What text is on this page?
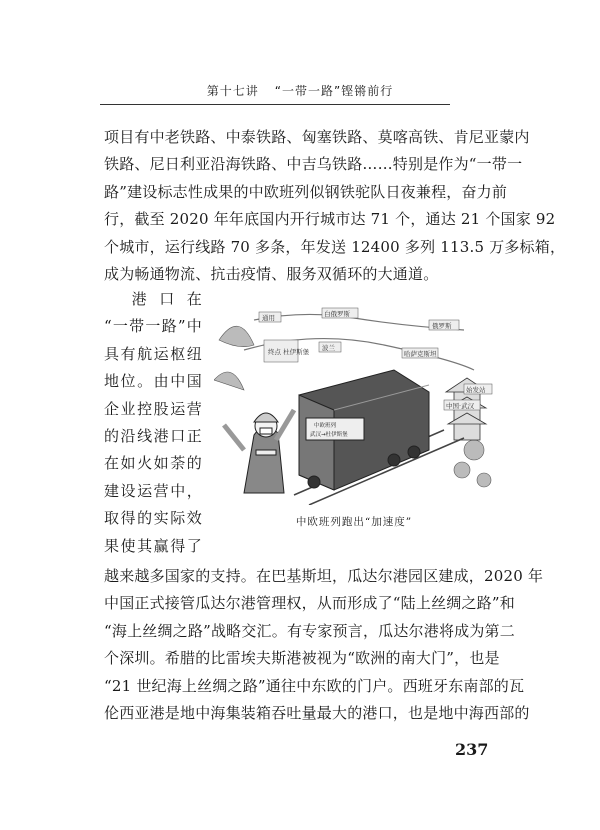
第十七讲 “一带一路”铿锵前行
项目有中老铁路、中泰铁路、匈塞铁路、莫喀高铁、肯尼亚蒙内
铁路、尼日利亚沿海铁路、中吉乌铁路……特别是作为“一带一
路”建设标志性成果的中欧班列似钢铁驼队日夜兼程，奋力前
行，截至 2020 年年底国内开行城市达 71 个，通达 21 个国家 92
个城市，运行线路 70 多条，年发送 12400 多列 113.5 万多标箱，
成为畅通物流、抗击疫情、服务双循环的大通道。
　港口在
“一带一路”中
具有航运枢纽
地位。由中国
企业控股运营
的沿线港口正
在如火如荼的
建设运营中，
取得的实际效
果使其赢得了
通用	白俄罗斯
俄罗斯
终点 杜伊斯堡 波兰
哈萨克斯坦
中国·武汉
始发站
中欧班列
武汉→杜伊斯堡
中欧班列跑出“加速度”
越来越多国家的支持。在巴基斯坦，瓜达尔港园区建成，2020 年
中国正式接管瓜达尔港管理权，从而形成了“陆上丝绸之路”和
“海上丝绸之路”战略交汇。有专家预言，瓜达尔港将成为第二
个深圳。希腊的比雷埃夫斯港被视为“欧洲的南大门”，也是
“21 世纪海上丝绸之路”通往中东欧的门户。西班牙东南部的瓦
伦西亚港是地中海集装箱吞吐量最大的港口，也是地中海西部的
237
